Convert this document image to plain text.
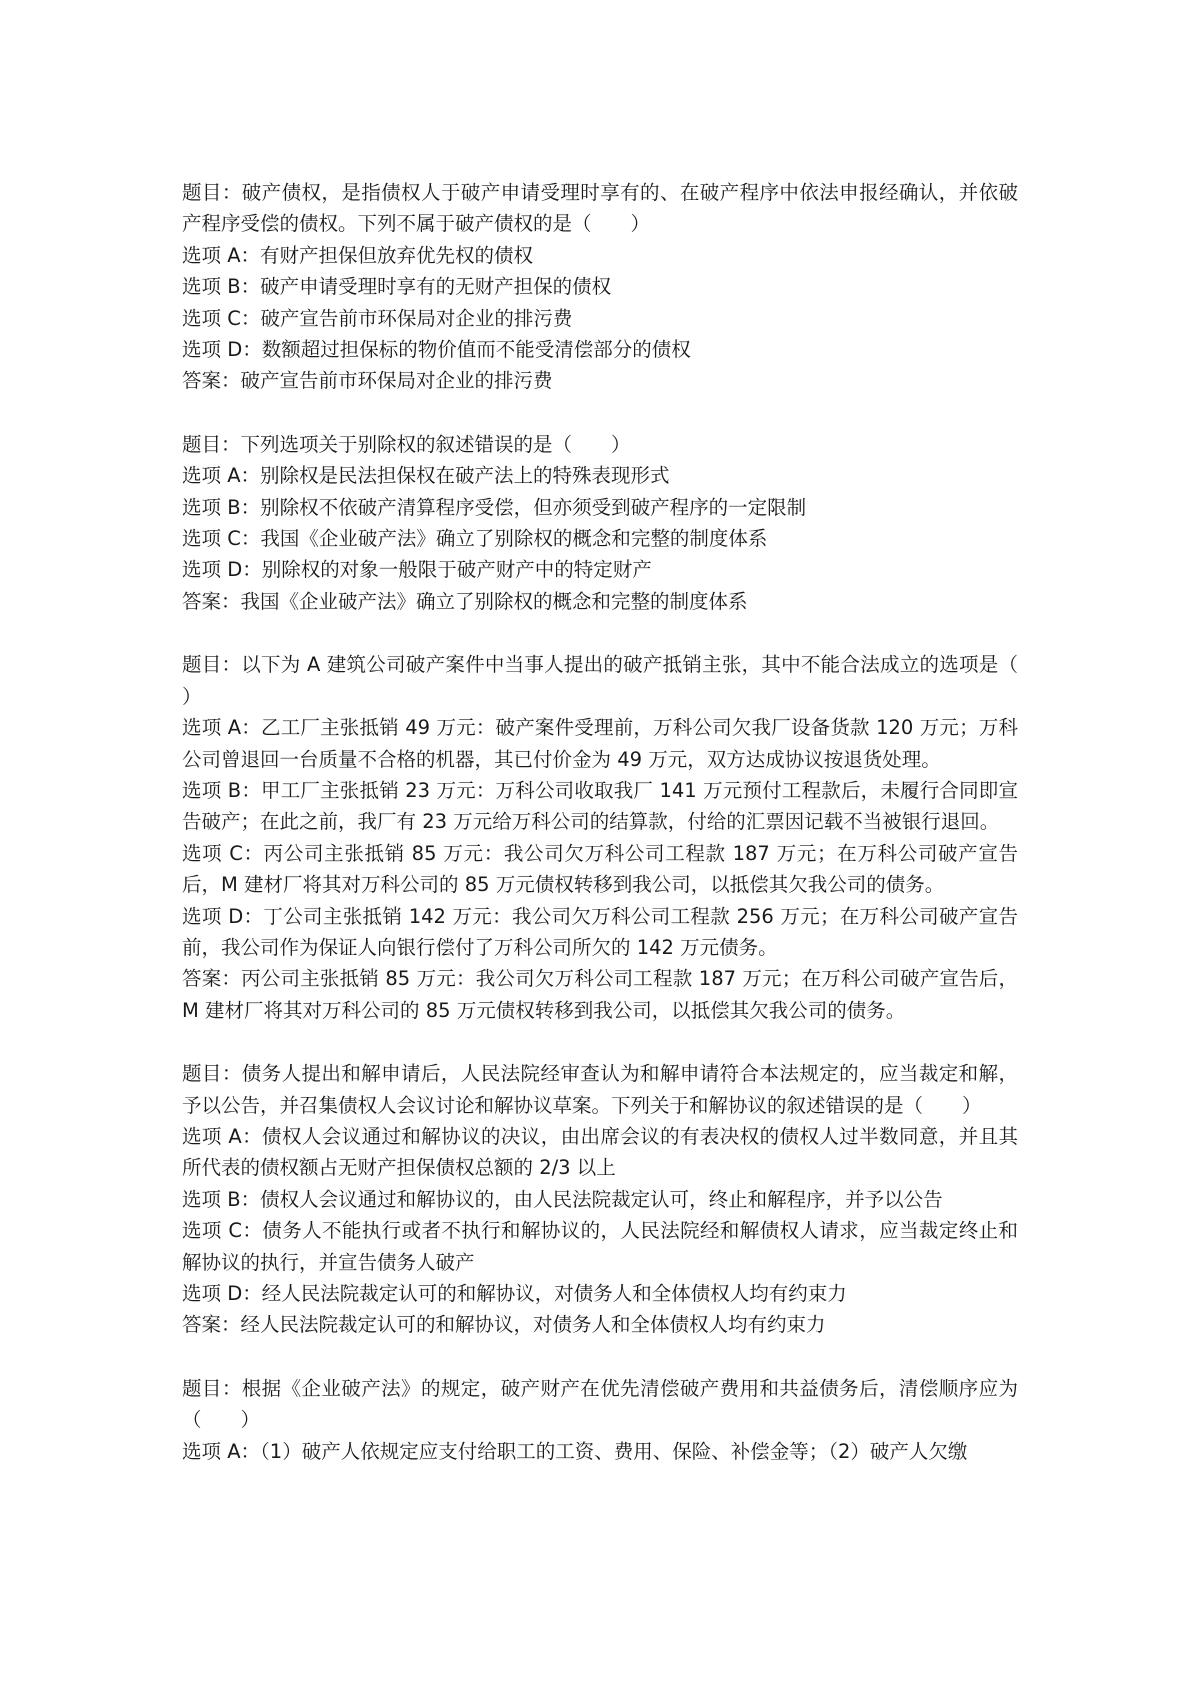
题目：破产债权，是指债权人于破产申请受理时享有的、在破产程序中依法申报经确认，并依破产程序受偿的债权。下列不属于破产债权的是（　　）
选项 A：有财产担保但放弃优先权的债权
选项 B：破产申请受理时享有的无财产担保的债权
选项 C：破产宣告前市环保局对企业的排污费
选项 D：数额超过担保标的物价值而不能受清偿部分的债权
答案：破产宣告前市环保局对企业的排污费
题目：下列选项关于别除权的叙述错误的是（　　）
选项 A：别除权是民法担保权在破产法上的特殊表现形式
选项 B：别除权不依破产清算程序受偿，但亦须受到破产程序的一定限制
选项 C：我国《企业破产法》确立了别除权的概念和完整的制度体系
选项 D：别除权的对象一般限于破产财产中的特定财产
答案：我国《企业破产法》确立了别除权的概念和完整的制度体系
题目：以下为 A 建筑公司破产案件中当事人提出的破产抵销主张，其中不能合法成立的选项是（　　　）
选项 A：乙工厂主张抵销 49 万元：破产案件受理前，万科公司欠我厂设备货款 120 万元；万科公司曾退回一台质量不合格的机器，其已付价金为 49 万元，双方达成协议按退货处理。
选项 B：甲工厂主张抵销 23 万元：万科公司收取我厂 141 万元预付工程款后，未履行合同即宣告破产；在此之前，我厂有 23 万元给万科公司的结算款，付给的汇票因记载不当被银行退回。
选项 C：丙公司主张抵销 85 万元：我公司欠万科公司工程款 187 万元；在万科公司破产宣告后，M 建材厂将其对万科公司的 85 万元债权转移到我公司，以抵偿其欠我公司的债务。
选项 D：丁公司主张抵销 142 万元：我公司欠万科公司工程款 256 万元；在万科公司破产宣告前，我公司作为保证人向银行偿付了万科公司所欠的 142 万元债务。
答案：丙公司主张抵销 85 万元：我公司欠万科公司工程款 187 万元；在万科公司破产宣告后，M 建材厂将其对万科公司的 85 万元债权转移到我公司，以抵偿其欠我公司的债务。
题目：债务人提出和解申请后，人民法院经审查认为和解申请符合本法规定的，应当裁定和解，予以公告，并召集债权人会议讨论和解协议草案。下列关于和解协议的叙述错误的是（　　）
选项 A：债权人会议通过和解协议的决议，由出席会议的有表决权的债权人过半数同意，并且其所代表的债权额占无财产担保债权总额的 2/3 以上
选项 B：债权人会议通过和解协议的，由人民法院裁定认可，终止和解程序，并予以公告
选项 C：债务人不能执行或者不执行和解协议的，人民法院经和解债权人请求，应当裁定终止和解协议的执行，并宣告债务人破产
选项 D：经人民法院裁定认可的和解协议，对债务人和全体债权人均有约束力
答案：经人民法院裁定认可的和解协议，对债务人和全体债权人均有约束力
题目：根据《企业破产法》的规定，破产财产在优先清偿破产费用和共益债务后，清偿顺序应为（　　）
选项 A：（1）破产人依规定应支付给职工的工资、费用、保险、补偿金等；（2）破产人欠缴
